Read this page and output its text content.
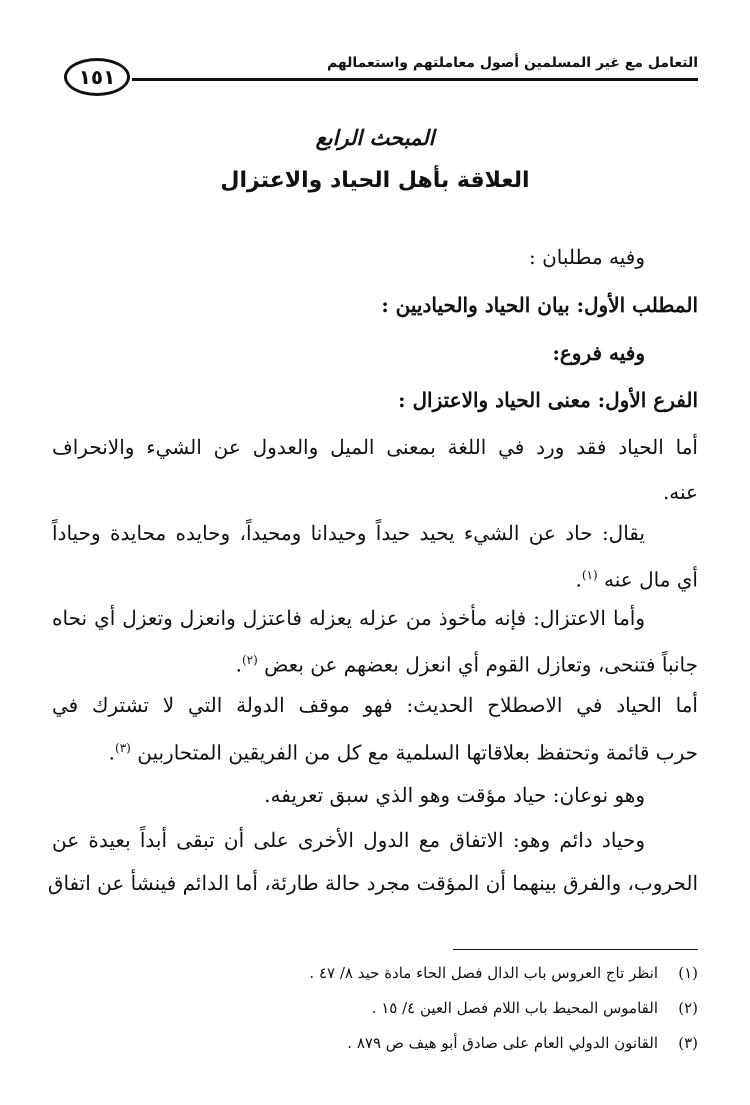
التعامل مع غير المسلمين أصول معاملتهم واستعمالهم
١٥١
المبحث الرابع
العلاقة بأهل الحياد والاعتزال
وفيه مطلبان :
المطلب الأول: بيان الحياد والحياديين :
وفيه فروع:
الفرع الأول: معنى الحياد والاعتزال :
أما الحياد فقد ورد في اللغة بمعنى الميل والعدول عن الشيء والانحراف
عنه.
يقال: حاد عن الشيء يحيد حيداً وحيدانا ومحيداً، وحايده محايدة وحياداً
أي مال عنه $^{(١)}$.
وأما الاعتزال: فإنه مأخوذ من عزله يعزله فاعتزل وانعزل وتعزل أي نحاه
جانباً فتنحى، وتعازل القوم أي انعزل بعضهم عن بعض $^{(٢)}$.
أما الحياد في الاصطلاح الحديث: فهو موقف الدولة التي لا تشترك في
حرب قائمة وتحتفظ بعلاقاتها السلمية مع كل من الفريقين المتحاربين $^{(٣)}$.
وهو نوعان: حياد مؤقت وهو الذي سبق تعريفه.
وحياد دائم وهو: الاتفاق مع الدول الأخرى على أن تبقى أبداً بعيدة عن
الحروب، والفرق بينهما أن المؤقت مجرد حالة طارئة، أما الدائم فينشأ عن اتفاق
(١)انظر تاج العروس باب الدال فصل الحاء مادة حيد ٨/ ٤٧ .
(٢)القاموس المحيط باب اللام فصل العين ٤/ ١٥ .
(٣)القانون الدولي العام على صادق أبو هيف ص ٨٧٩ .
